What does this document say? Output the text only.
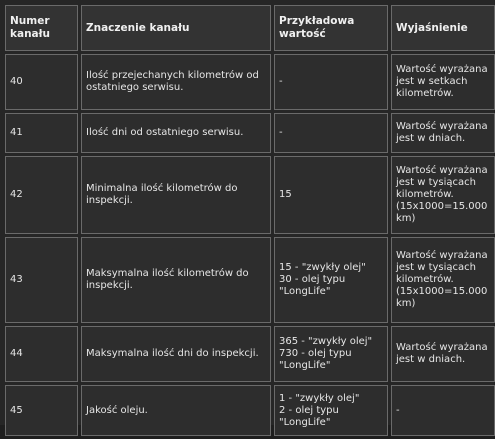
Numer kanału	Znaczenie kanału	Przykładowa wartość	Wyjaśnienie
40	Ilość przejechanych kilometrów od ostatniego serwisu.	-	Wartość wyrażana jest w setkach kilometrów.

41	Ilość dni od ostatniego serwisu.	-	Wartość wyrażana jest w dniach.

42	Minimalna ilość kilometrów do inspekcji.	15	Wartość wyrażana jest w tysiącach kilometrów.
(15x1000=15.000 km)

43	Maksymalna ilość kilometrów do inspekcji.	15 - "zwykły olej"
30 - olej typu "LongLife"	Wartość wyrażana jest w tysiącach kilometrów.
(15x1000=15.000 km)

44	Maksymalna ilość dni do inspekcji.	365 - "zwykły olej"
730 - olej typu "LongLife"	Wartość wyrażana jest w dniach.

45	Jakość oleju.	1 - "zwykły olej"
2 - olej typu "LongLife"	-
